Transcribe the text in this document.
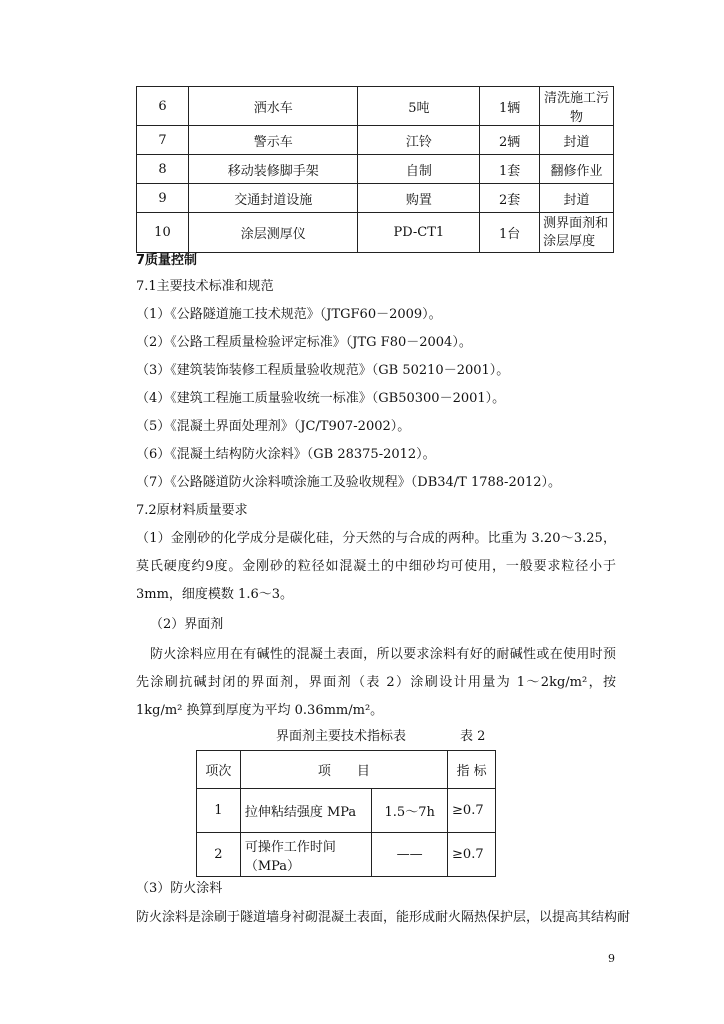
6	洒水车	5吨	1辆	清洗施工污物
7	警示车	江铃	2辆	封道
8	移动装修脚手架	自制	1套	翻修作业
9	交通封道设施	购置	2套	封道
10	涂层测厚仪	PD-CT1	1台	测界面剂和涂层厚度
7质量控制
7.1主要技术标准和规范
（1）《公路隧道施工技术规范》（JTGF60－2009）。
（2）《公路工程质量检验评定标准》（JTG F80－2004）。
（3）《建筑装饰装修工程质量验收规范》（GB 50210－2001）。
（4）《建筑工程施工质量验收统一标准》（GB50300－2001）。
（5）《混凝土界面处理剂》（JC/T907-2002）。
（6）《混凝土结构防火涂料》（GB 28375-2012）。
（7）《公路隧道防火涂料喷涂施工及验收规程》（DB34/T 1788-2012）。
7.2原材料质量要求
（1）金刚砂的化学成分是碳化硅，分天然的与合成的两种。比重为 3.20～3.25，莫氏硬度约9度。金刚砂的粒径如混凝土的中细砂均可使用，一般要求粒径小于 3mm，细度模数 1.6～3。
（2）界面剂
防火涂料应用在有碱性的混凝土表面，所以要求涂料有好的耐碱性或在使用时预先涂刷抗碱封闭的界面剂，界面剂（表 2）涂刷设计用量为 1～2kg/m²，按 1kg/m² 换算到厚度为平均 0.36mm/m²。
界面剂主要技术指标表	表 2
项次	项　　目		指 标
1	拉伸粘结强度 MPa	1.5～7h	≥0.7
2	可操作工作时间（MPa）	——	≥0.7
（3）防火涂料
防火涂料是涂刷于隧道墙身衬砌混凝土表面，能形成耐火隔热保护层，以提高其结构耐
9
